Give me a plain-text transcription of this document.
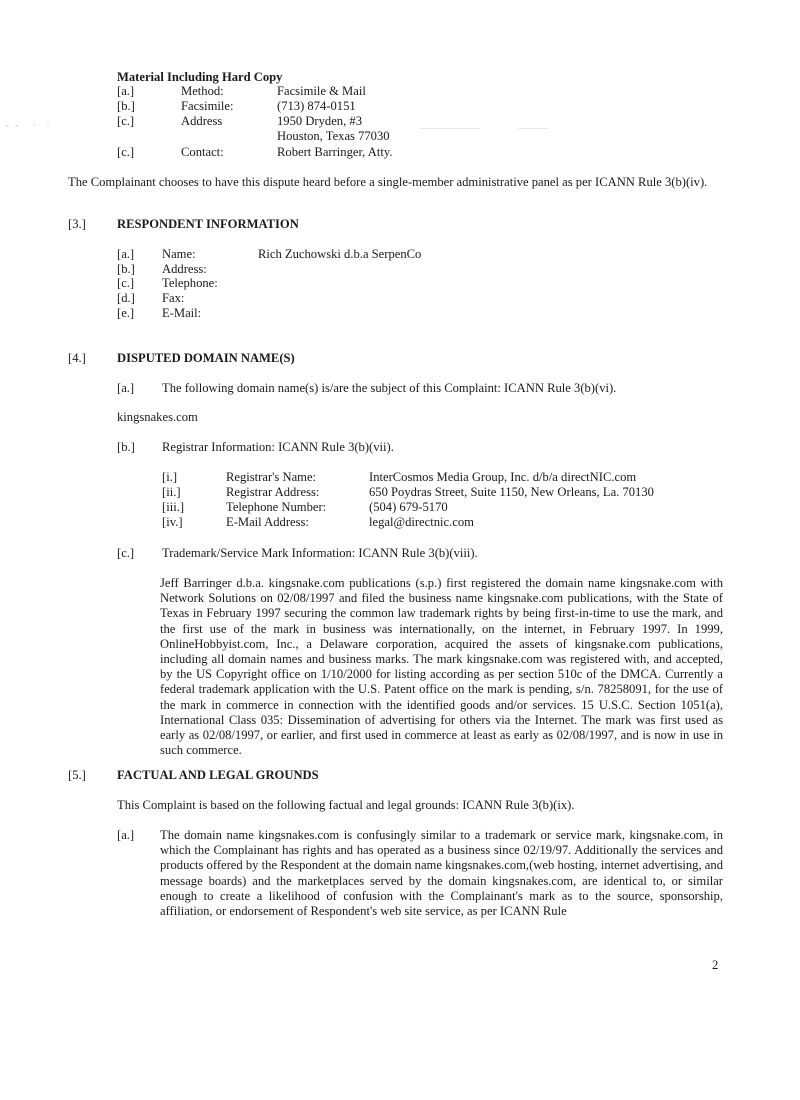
- -   ·  ·
Material Including Hard Copy
[a.]	Method:	Facsimile & Mail
[b.]	Facsimile:	(713) 874-0151
[c.]	Address	1950 Dryden, #3
Houston, Texas 77030
[c.]	Contact:	Robert Barringer, Atty.
The Complainant chooses to have this dispute heard before a single-member administrative panel as per ICANN Rule 3(b)(iv).
[3.] RESPONDENT INFORMATION
[a.] Name:	Rich Zuchowski d.b.a SerpenCo
[b.] Address:
[c.] Telephone:
[d.] Fax:
[e.] E-Mail:
[4.] DISPUTED DOMAIN NAME(S)
[a.] The following domain name(s) is/are the subject of this Complaint: ICANN Rule 3(b)(vi).
kingsnakes.com
[b.] Registrar Information: ICANN Rule 3(b)(vii).
[i.]	Registrar's Name:	InterCosmos Media Group, Inc. d/b/a directNIC.com
[ii.]	Registrar Address:	650 Poydras Street, Suite 1150, New Orleans, La. 70130
[iii.]	Telephone Number:	(504) 679-5170
[iv.]	E-Mail Address:	legal@directnic.com
[c.] Trademark/Service Mark Information: ICANN Rule 3(b)(viii).
Jeff Barringer d.b.a. kingsnake.com publications (s.p.) first registered the domain name kingsnake.com with Network Solutions on 02/08/1997 and filed the business name kingsnake.com publications, with the State of Texas in February 1997 securing the common law trademark rights by being first-in-time to use the mark, and the first use of the mark in business was internationally, on the internet, in February 1997. In 1999, OnlineHobbyist.com, Inc., a Delaware corporation, acquired the assets of kingsnake.com publications, including all domain names and business marks. The mark kingsnake.com was registered with, and accepted, by the US Copyright office on 1/10/2000 for listing according as per section 510c of the DMCA. Currently a federal trademark application with the U.S. Patent office on the mark is pending, s/n. 78258091, for the use of the mark in commerce in connection with the identified goods and/or services. 15 U.S.C. Section 1051(a), International Class 035: Dissemination of advertising for others via the Internet. The mark was first used as early as 02/08/1997, or earlier, and first used in commerce at least as early as 02/08/1997, and is now in use in such commerce.
[5.] FACTUAL AND LEGAL GROUNDS
This Complaint is based on the following factual and legal grounds: ICANN Rule 3(b)(ix).
[a.] The domain name kingsnakes.com is confusingly similar to a trademark or service mark, kingsnake.com, in which the Complainant has rights and has operated as a business since 02/19/97. Additionally the services and products offered by the Respondent at the domain name kingsnakes.com,(web hosting, internet advertising, and message boards) and the marketplaces served by the domain kingsnakes.com, are identical to, or similar enough to create a likelihood of confusion with the Complainant's mark as to the source, sponsorship, affiliation, or endorsement of Respondent's web site service, as per ICANN Rule
2
